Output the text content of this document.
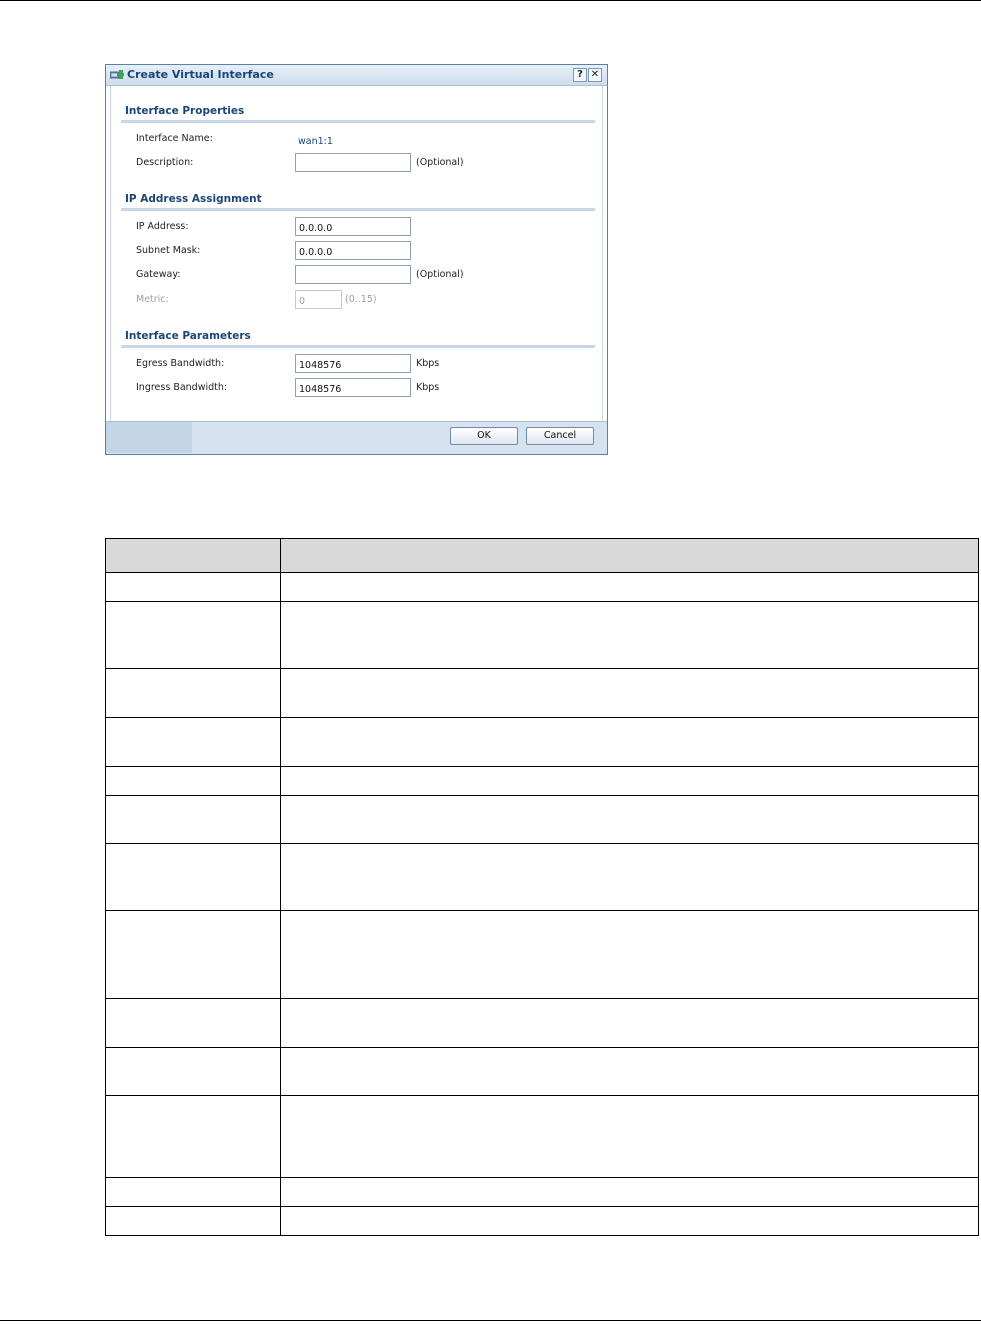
Create Virtual Interface	? ✕
Interface Properties
Interface Name:	wan1:1
Description:	(Optional)
IP Address Assignment
IP Address:
0.0.0.0
Subnet Mask:
0.0.0.0
Gateway:	(Optional)
Metric:
0	(0..15)
Interface Parameters
Egress Bandwidth:
1048576	Kbps
Ingress Bandwidth:
1048576	Kbps
OK	Cancel
